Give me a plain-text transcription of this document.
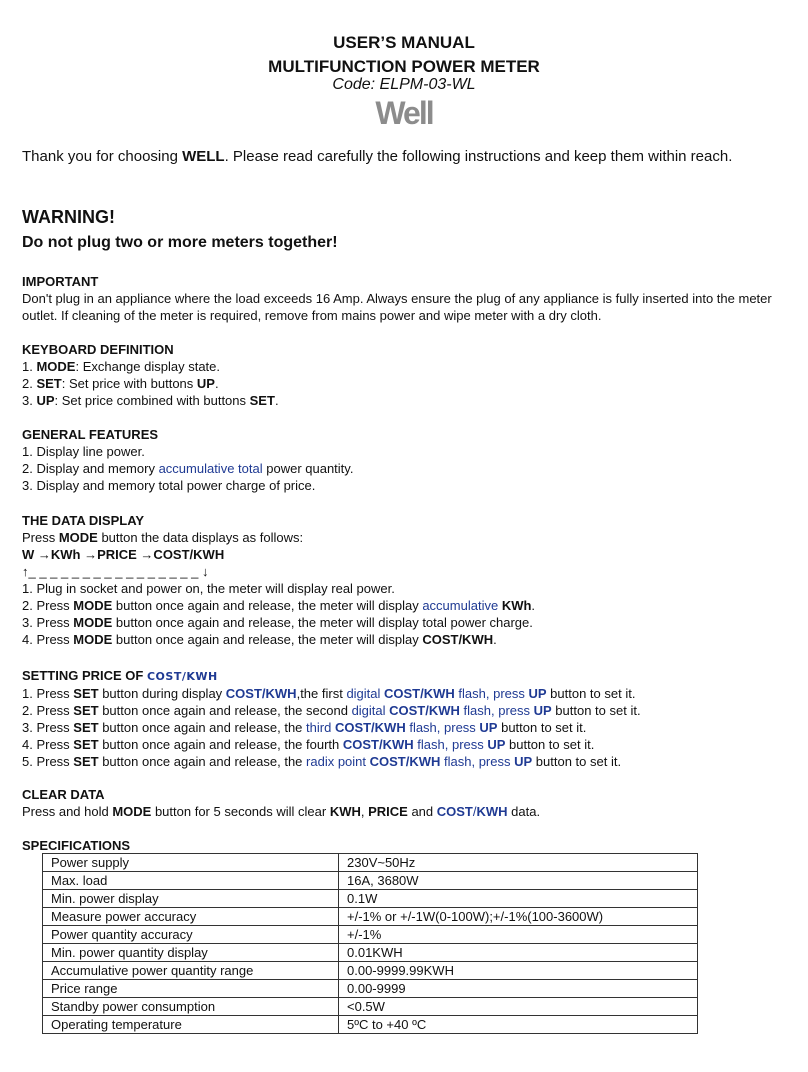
USER’S MANUAL
MULTIFUNCTION POWER METER
Code: ELPM-03-WL
Well
Thank you for choosing WELL. Please read carefully the following instructions and keep them within reach.
WARNING!
Do not plug two or more meters together!

IMPORTANT

Don't plug in an appliance where the load exceeds 16 Amp. Always ensure the plug of any appliance is fully inserted into the meter outlet. If cleaning of the meter is required, remove from mains power and wipe meter with a dry cloth.

KEYBOARD DEFINITION

1. MODE: Exchange display state.

2. SET: Set price with buttons UP.

3. UP: Set price combined with buttons SET.

GENERAL FEATURES

1. Display line power.

2. Display and memory accumulative total power quantity.

3. Display and memory total power charge of price.

THE DATA DISPLAY

Press MODE button the data displays as follows:

W →KWh →PRICE →COST/KWH

↑_ _ _ _ _ _ _ _ _ _ _ _ _ _ _ _ ↓

1. Plug in socket and power on, the meter will display real power.

2. Press MODE button once again and release, the meter will display accumulative KWh.

3. Press MODE button once again and release, the meter will display total power charge.

4. Press MODE button once again and release, the meter will display COST/KWH.

SETTING PRICE OF COST/KWH

1. Press SET button during display COST/KWH,the first digital COST/KWH flash, press UP button to set it.

2. Press SET button once again and release, the second digital COST/KWH flash, press UP button to set it.

3. Press SET button once again and release, the third COST/KWH flash, press UP button to set it.

4. Press SET button once again and release, the fourth COST/KWH flash, press UP button to set it.

5. Press SET button once again and release, the radix point COST/KWH flash, press UP button to set it.

CLEAR DATA

Press and hold MODE button for 5 seconds will clear KWH, PRICE and COST/KWH data.

SPECIFICATIONS

Power supply	230V~50Hz
Max. load	16A, 3680W
Min. power display	0.1W
Measure power accuracy	+/-1% or +/-1W(0-100W);+/-1%(100-3600W)
Power quantity accuracy	+/-1%
Min. power quantity display	0.01KWH
Accumulative power quantity range	0.00-9999.99KWH
Price range	0.00-9999
Standby power consumption	<0.5W
Operating temperature	5ºC to +40 ºC
